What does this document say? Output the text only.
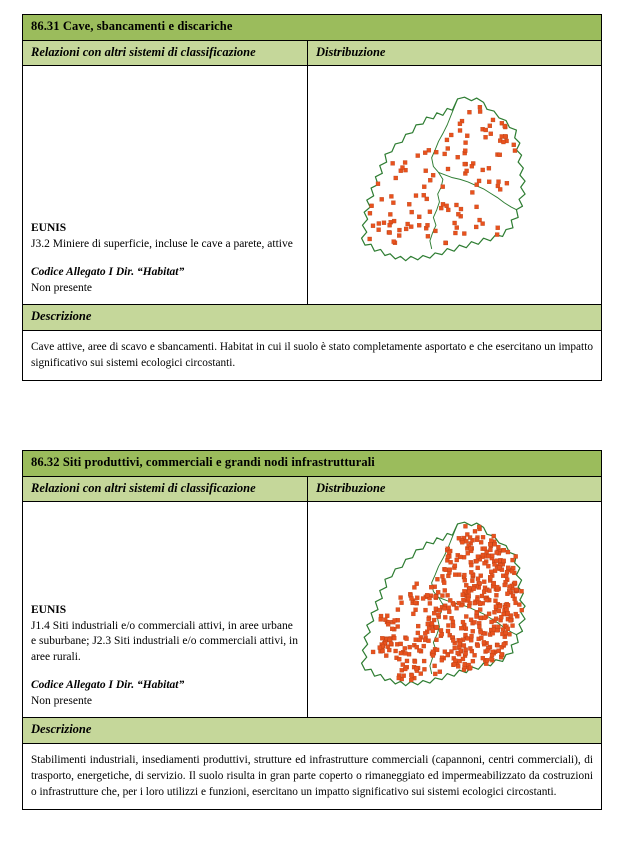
86.31 Cave, sbancamenti e discariche
Relazioni con altri sistemi di classificazione	Distribuzione
EUNIS
J3.2 Miniere di superficie, incluse le cave a parete, attive
Codice Allegato I Dir. “Habitat”
Non presente
Descrizione
Cave attive, aree di scavo e sbancamenti. Habitat in cui il suolo è stato completamente asportato e che esercitano un impatto significativo sui sistemi ecologici circostanti.
86.32 Siti produttivi, commerciali e grandi nodi infrastrutturali
Relazioni con altri sistemi di classificazione	Distribuzione
EUNIS
J1.4 Siti industriali e/o commerciali attivi, in aree urbane e suburbane; J2.3 Siti industriali e/o commerciali attivi, in aree rurali.
Codice Allegato I Dir. “Habitat”
Non presente
Descrizione
Stabilimenti industriali, insediamenti produttivi, strutture ed infrastrutture commerciali (capannoni, centri commerciali), di trasporto, energetiche, di servizio. Il suolo risulta in gran parte coperto o rimaneggiato ed impermeabilizzato da costruzioni o infrastrutture che, per i loro utilizzi e funzioni, esercitano un impatto significativo sui sistemi ecologici circostanti.
